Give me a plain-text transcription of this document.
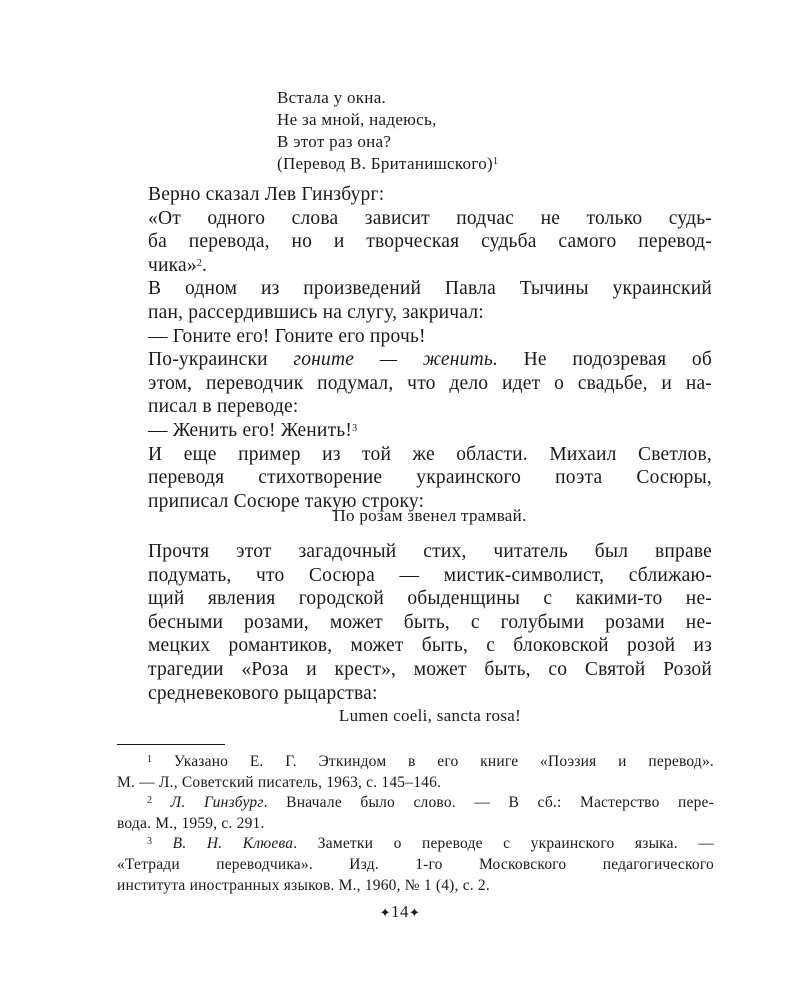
Встала у окна.
Не за мной, надеюсь,
В этот раз она?
(Перевод В. Британишского)$^1$
Верно сказал Лев Гинзбург:
«От одного слова зависит подчас не только судь-
ба перевода, но и творческая судьба самого перевод-
чика»$^2$.
В одном из произведений Павла Тычины украинский
пан, рассердившись на слугу, закричал:
— Гоните его! Гоните его прочь!
По-украински гоните — женить. Не подозревая об
этом, переводчик подумал, что дело идет о свадьбе, и на-
писал в переводе:
— Женить его! Женить!$^3$
И еще пример из той же области. Михаил Светлов,
переводя стихотворение украинского поэта Сосюры,
приписал Сосюре такую строку:
По розам звенел трамвай.
Прочтя этот загадочный стих, читатель был вправе
подумать, что Сосюра — мистик-символист, сближаю-
щий явления городской обыденщины с какими-то не-
бесными розами, может быть, с голубыми розами не-
мецких романтиков, может быть, с блоковской розой из
трагедии «Роза и крест», может быть, со Святой Розой
средневекового рыцарства:
Lumen coeli, sancta rosa!
$^1$ Указано Е. Г. Эткиндом в его книге «Поэзия и перевод».
М. — Л., Советский писатель, 1963, с. 145–146.
$^2$ Л. Гинзбург. Вначале было слово. — В сб.: Мастерство пере-
вода. М., 1959, с. 291.
$^3$ В. Н. Клюева. Заметки о переводе с украинского языка. —
«Тетради переводчика». Изд. 1-го Московского педагогического
института иностранных языков. М., 1960, № 1 (4), с. 2.
✦14✦
